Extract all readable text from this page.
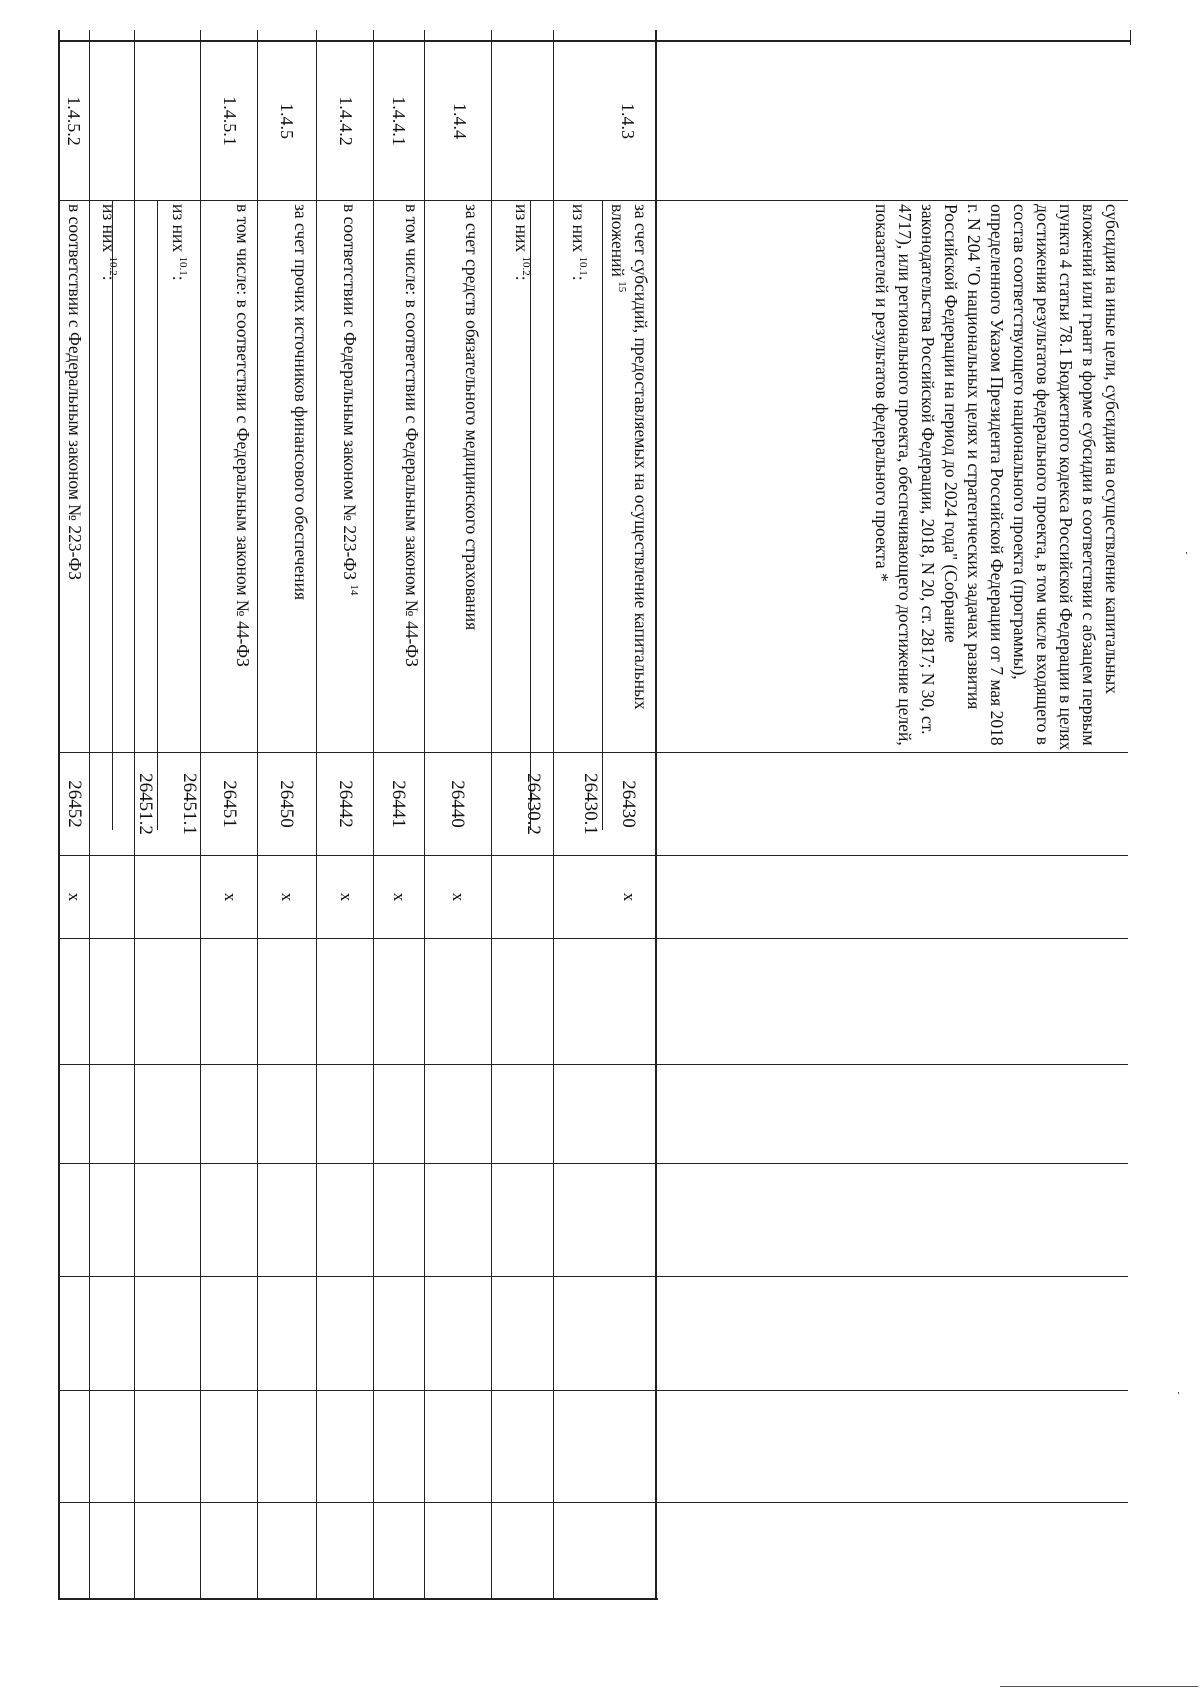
1.4.3
субсидия на иные цели, субсидия на осуществление капитальных вложений или грант в форме субсидии в соответствии с абзацем первым пункта 4 статьи 78.1 Бюджетного кодекса Российской Федерации в целях достижения результатов федерального проекта, в том числе входящего в состав соответствующего национального проекта (программы), определенного Указом Президента Российской Федерации от 7 мая 2018 г. N 204 "О национальных целях и стратегических задачах развития Российской Федерации на период до 2024 года" (Собрание законодательства Российской Федерации, 2018, N 20, ст. 2817; N 30, ст. 4717), или регионального проекта, обеспечивающего достижение целей, показателей и результатов федерального проекта *
за счет субсидий, предоставляемых на осуществление капитальных вложений $^{15}$
26430
x
из них $^{10.1}$:
26430.1
из них $^{10.2}$:
26430.2
1.4.4
за счет средств обязательного медицинского страхования
26440
x
1.4.4.1
в том числе: в соответствии с Федеральным законом № 44-ФЗ
26441
x
1.4.4.2
в соответствии с Федеральным законом № 223-ФЗ $^{14}$
26442
x
1.4.5
за счет прочих источников финансового обеспечения
26450
x
1.4.5.1
в том числе: в соответствии с Федеральным законом № 44-ФЗ
26451
x
из них $^{10.1}$:
26451.1
из них $^{10.2}$:
26451.2
1.4.5.2
в соответствии с Федеральным законом № 223-ФЗ
26452
x
